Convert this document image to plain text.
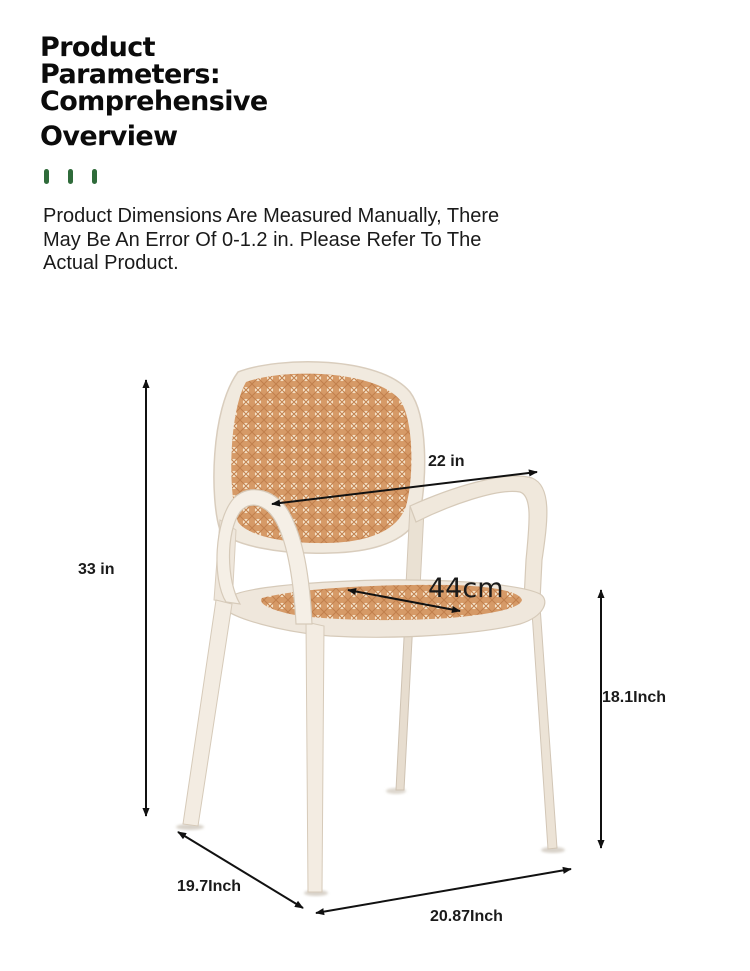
Product
Parameters:
Comprehensive
Overview

Product Dimensions Are Measured Manually, There
May Be An Error Of 0-1.2 in. Please Refer To The
Actual Product.

33 in
22 in
44cm
18.1Inch
19.7Inch
20.87Inch
